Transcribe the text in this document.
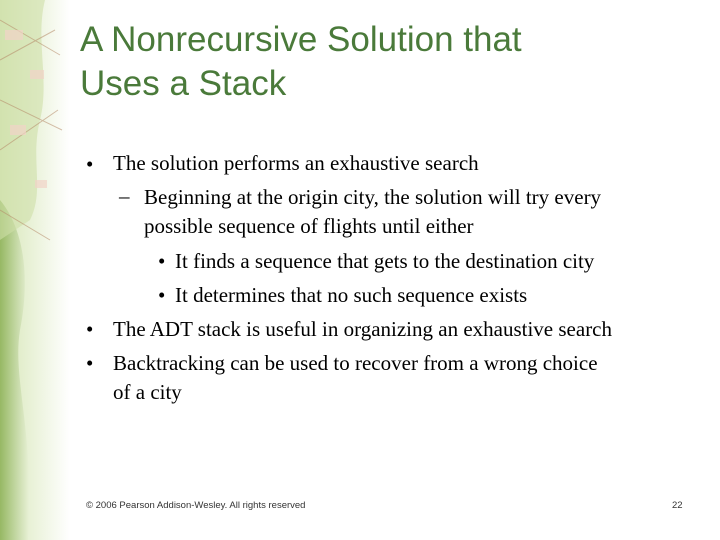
A Nonrecursive Solution that
Uses a Stack
• The solution performs an exhaustive search
– Beginning at the origin city, the solution will try every
possible sequence of flights until either
• It finds a sequence that gets to the destination city
• It determines that no such sequence exists
• The ADT stack is useful in organizing an exhaustive search
• Backtracking can be used to recover from a wrong choice
of a city
© 2006 Pearson Addison-Wesley. All rights reserved	22
